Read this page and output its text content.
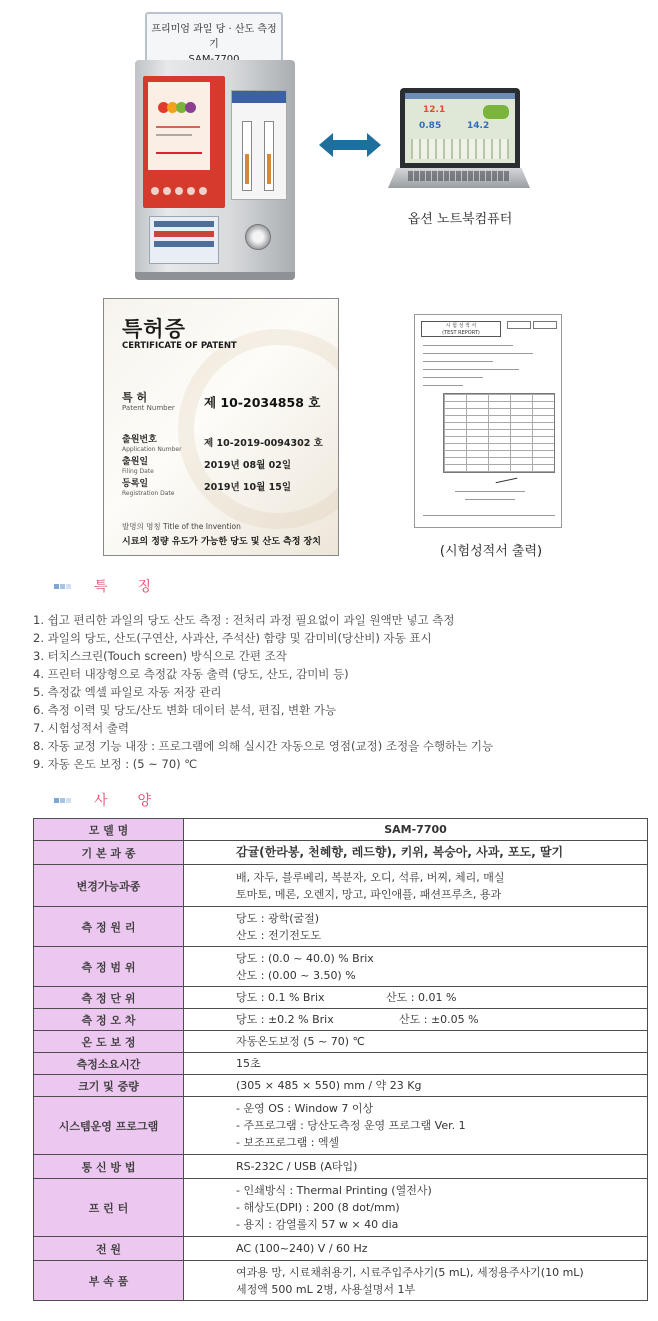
프리미엄 과일 당 · 산도 측정기
12.1
0.85	14.2
옵션 노트북컴퓨터
특허증
CERTIFICATE OF PATENT
특 허
Patent Number 제 10-2034858 호
출원번호
Application Number
제 10-2019-0094302 호
출원일
Filing Date
2019년 08월 02일
등록일
Registration Date
2019년 10월 15일
발명의 명칭 Title of the Invention
시료의 정량 유도가 가능한 당도 및 산도 측정 장치
시 험 성 적 서
(TEST REPORT)
(시험성적서 출력)
특징
1. 쉽고 편리한 과일의 당도 산도 측정 : 전처리 과정 필요없이 과일 원액만 넣고 측정
2. 과일의 당도, 산도(구연산, 사과산, 주석산) 함량 및 감미비(당산비) 자동 표시
3. 터치스크린(Touch screen) 방식으로 간편 조작
4. 프린터 내장형으로 측정값 자동 출력 (당도, 산도, 감미비 등)
5. 측정값 엑셀 파일로 자동 저장 관리
6. 측정 이력 및 당도/산도 변화 데이터 분석, 편집, 변환 가능
7. 시험성적서 출력
8. 자동 교정 기능 내장 : 프로그램에 의해 실시간 자동으로 영점(교정) 조정을 수행하는 기능
9. 자동 온도 보정 : (5 ~ 70) ℃
사양
모 델 명	SAM-7700
기 본 과 종	감귤(한라봉, 천혜향, 레드향), 키위, 복숭아, 사과, 포도, 딸기
변경가능과종	배, 자두, 블루베리, 복분자, 오디, 석류, 버찌, 체리, 매실
토마토, 메론, 오렌지, 망고, 파인애플, 패션프루츠, 용과

측 정 원 리	당도 : 광학(굴절)
산도 : 전기전도도

측 정 범 위	당도 : (0.0 ~ 40.0) % Brix
산도 : (0.00 ~ 3.50) %

측 정 단 위	당도 : 0.1 % Brix 산도 : 0.01 %
측 정 오 차	당도 : ±0.2 % Brix 산도 : ±0.05 %
온 도 보 정	자동온도보정 (5 ~ 70) ℃
측정소요시간	15초
크기 및 중량	(305 × 485 × 550) mm / 약 23 Kg
시스템운영 프로그램	- 운영 OS : Window 7 이상
- 주프로그램 : 당산도측정 운영 프로그램 Ver. 1
- 보조프로그램 : 엑셀

통 신 방 법	RS-232C / USB (A타입)
프 린 터	- 인쇄방식 : Thermal Printing (열전사)
- 해상도(DPI) : 200 (8 dot/mm)
- 용지 : 감열롤지 57 w × 40 dia

전 원	AC (100~240) V / 60 Hz
부 속 품	여과용 망, 시료채취용기, 시료주입주사기(5 mL), 세정용주사기(10 mL)
세정액 500 mL 2병, 사용설명서 1부
